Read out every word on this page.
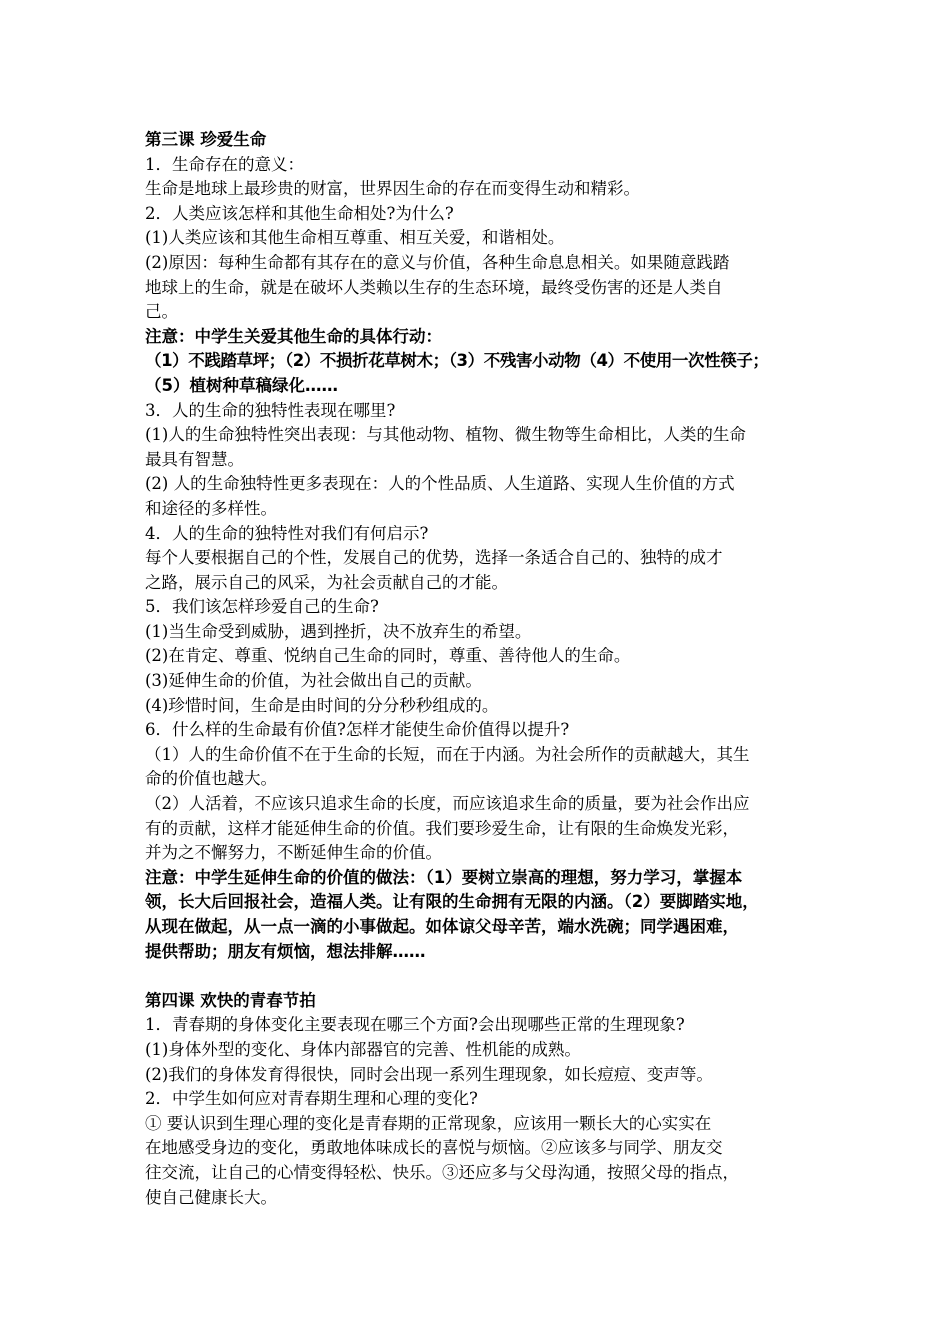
第三课 珍爱生命
1．生命存在的意义：
生命是地球上最珍贵的财富，世界因生命的存在而变得生动和精彩。
2．人类应该怎样和其他生命相处?为什么?
(1)人类应该和其他生命相互尊重、相互关爱，和谐相处。
(2)原因：每种生命都有其存在的意义与价值，各种生命息息相关。如果随意践踏
地球上的生命，就是在破坏人类赖以生存的生态环境，最终受伤害的还是人类自
己。
注意：中学生关爱其他生命的具体行动：
（1）不践踏草坪；（2）不损折花草树木；（3）不残害小动物（4）不使用一次性筷子；
（5）植树种草稿绿化……
3．人的生命的独特性表现在哪里?
(1)人的生命独特性突出表现：与其他动物、植物、微生物等生命相比，人类的生命
最具有智慧。
(2) 人的生命独特性更多表现在：人的个性品质、人生道路、实现人生价值的方式
和途径的多样性。
4．人的生命的独特性对我们有何启示?
每个人要根据自己的个性，发展自己的优势，选择一条适合自己的、独特的成才
之路，展示自己的风采，为社会贡献自己的才能。
5．我们该怎样珍爱自己的生命?
(1)当生命受到威胁，遇到挫折，决不放弃生的希望。
(2)在肯定、尊重、悦纳自己生命的同时，尊重、善待他人的生命。
(3)延伸生命的价值，为社会做出自己的贡献。
(4)珍惜时间，生命是由时间的分分秒秒组成的。
6．什么样的生命最有价值?怎样才能使生命价值得以提升?
（1）人的生命价值不在于生命的长短，而在于内涵。为社会所作的贡献越大，其生
命的价值也越大。
（2）人活着，不应该只追求生命的长度，而应该追求生命的质量，要为社会作出应
有的贡献，这样才能延伸生命的价值。我们要珍爱生命，让有限的生命焕发光彩，
并为之不懈努力，不断延伸生命的价值。
注意：中学生延伸生命的价值的做法：（1）要树立崇高的理想，努力学习，掌握本
领，长大后回报社会，造福人类。让有限的生命拥有无限的内涵。（2）要脚踏实地，
从现在做起，从一点一滴的小事做起。如体谅父母辛苦，端水洗碗；同学遇困难，
提供帮助；朋友有烦恼，想法排解……
第四课 欢快的青春节拍
1．青春期的身体变化主要表现在哪三个方面?会出现哪些正常的生理现象?
(1)身体外型的变化、身体内部器官的完善、性机能的成熟。
(2)我们的身体发育得很快，同时会出现一系列生理现象，如长痘痘、变声等。
2．中学生如何应对青春期生理和心理的变化?
① 要认识到生理心理的变化是青春期的正常现象，应该用一颗长大的心实实在
在地感受身边的变化，勇敢地体味成长的喜悦与烦恼。②应该多与同学、朋友交
往交流，让自己的心情变得轻松、快乐。③还应多与父母沟通，按照父母的指点，
使自己健康长大。
